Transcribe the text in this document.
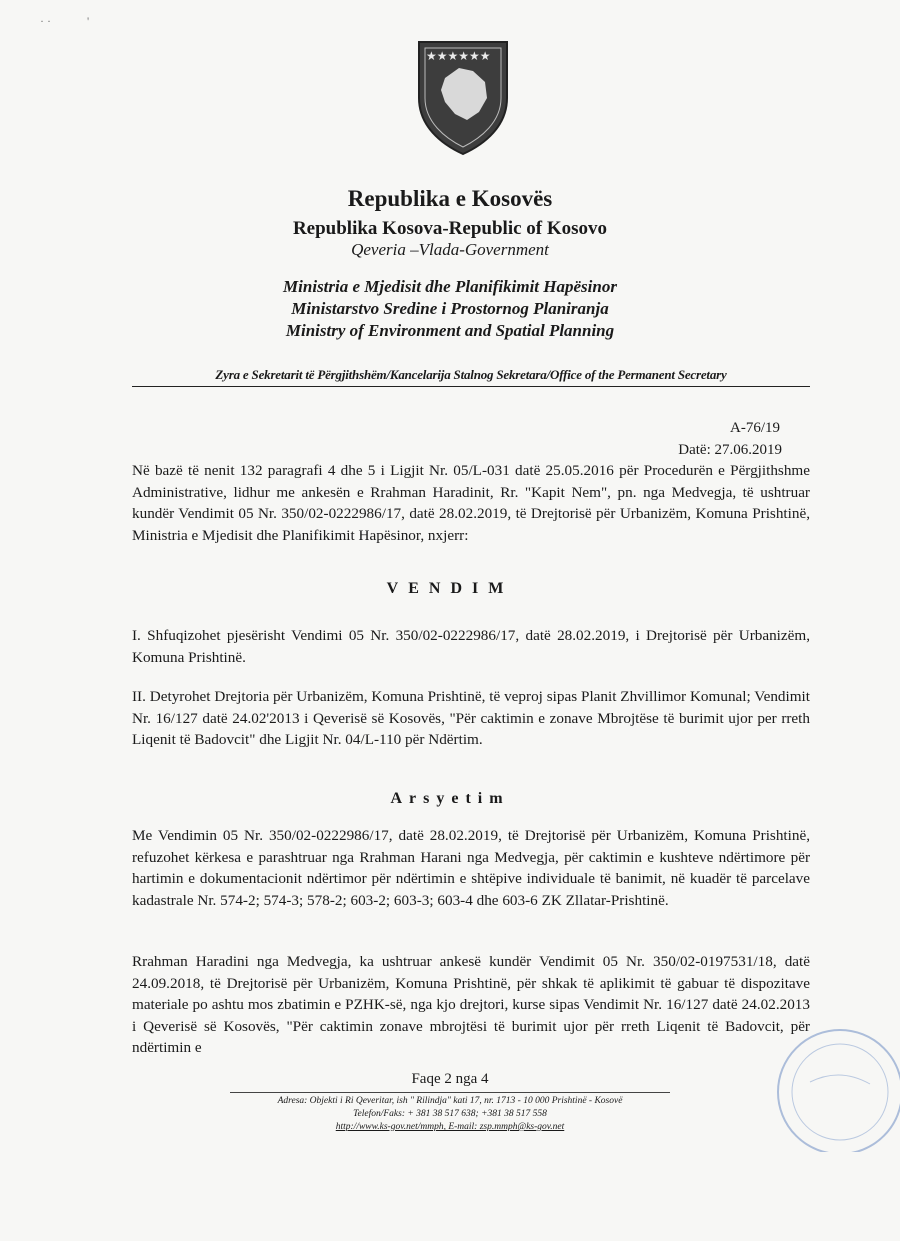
· ·            '
★★★★★★
Republika e Kosovës
Republika Kosova-Republic of Kosovo
Qeveria –Vlada-Government
Ministria e Mjedisit dhe Planifikimit Hapësinor
Ministarstvo Sredine i Prostornog Planiranja
Ministry of Environment and Spatial Planning
Zyra e Sekretarit të Përgjithshëm/Kancelarija Stalnog Sekretara/Office of the Permanent Secretary
A-76/19
Datë: 27.06.2019
Në bazë të nenit 132 paragrafi 4 dhe 5 i Ligjit Nr. 05/L-031 datë 25.05.2016 për Procedurën e Përgjithshme Administrative, lidhur me ankesën e Rrahman Haradinit, Rr. "Kapit Nem", pn. nga Medvegja, të ushtruar kundër Vendimit 05 Nr. 350/02-0222986/17, datë 28.02.2019, të Drejtorisë për Urbanizëm, Komuna Prishtinë, Ministria e Mjedisit dhe Planifikimit Hapësinor, nxjerr:
VENDIM
I. Shfuqizohet pjesërisht Vendimi 05 Nr. 350/02-0222986/17, datë 28.02.2019, i Drejtorisë për Urbanizëm, Komuna Prishtinë.
II. Detyrohet Drejtoria për Urbanizëm, Komuna Prishtinë, të veproj sipas Planit Zhvillimor Komunal; Vendimit Nr. 16/127 datë 24.02'2013 i Qeverisë së Kosovës, "Për caktimin e zonave Mbrojtëse të burimit ujor per rreth Liqenit të Badovcit" dhe Ligjit Nr. 04/L-110 për Ndërtim.
Arsyetim
Me Vendimin 05 Nr. 350/02-0222986/17, datë 28.02.2019, të Drejtorisë për Urbanizëm, Komuna Prishtinë, refuzohet kërkesa e parashtruar nga Rrahman Harani nga Medvegja, për caktimin e kushteve ndërtimore për hartimin e dokumentacionit ndërtimor për ndërtimin e shtëpive individuale të banimit, në kuadër të parcelave kadastrale Nr. 574-2; 574-3; 578-2; 603-2; 603-3; 603-4 dhe 603-6 ZK Zllatar-Prishtinë.
Rrahman Haradini nga Medvegja, ka ushtruar ankesë kundër Vendimit 05 Nr. 350/02-0197531/18, datë 24.09.2018, të Drejtorisë për Urbanizëm, Komuna Prishtinë, për shkak të aplikimit të gabuar të dispozitave materiale po ashtu mos zbatimin e PZHK-së, nga kjo drejtori, kurse sipas Vendimit Nr. 16/127 datë 24.02.2013 i Qeverisë së Kosovës, "Për caktimin zonave mbrojtësi të burimit ujor për rreth Liqenit të Badovcit, për ndërtimin e
Faqe 2 nga 4
Adresa: Objekti i Ri Qeveritar, ish " Rilindja" kati 17, nr. 1713 - 10 000 Prishtinë - Kosovë
Telefon/Faks: + 381 38 517 638; +381 38 517 558
http://www.ks-gov.net/mmph, E-mail: zsp.mmph@ks-gov.net
